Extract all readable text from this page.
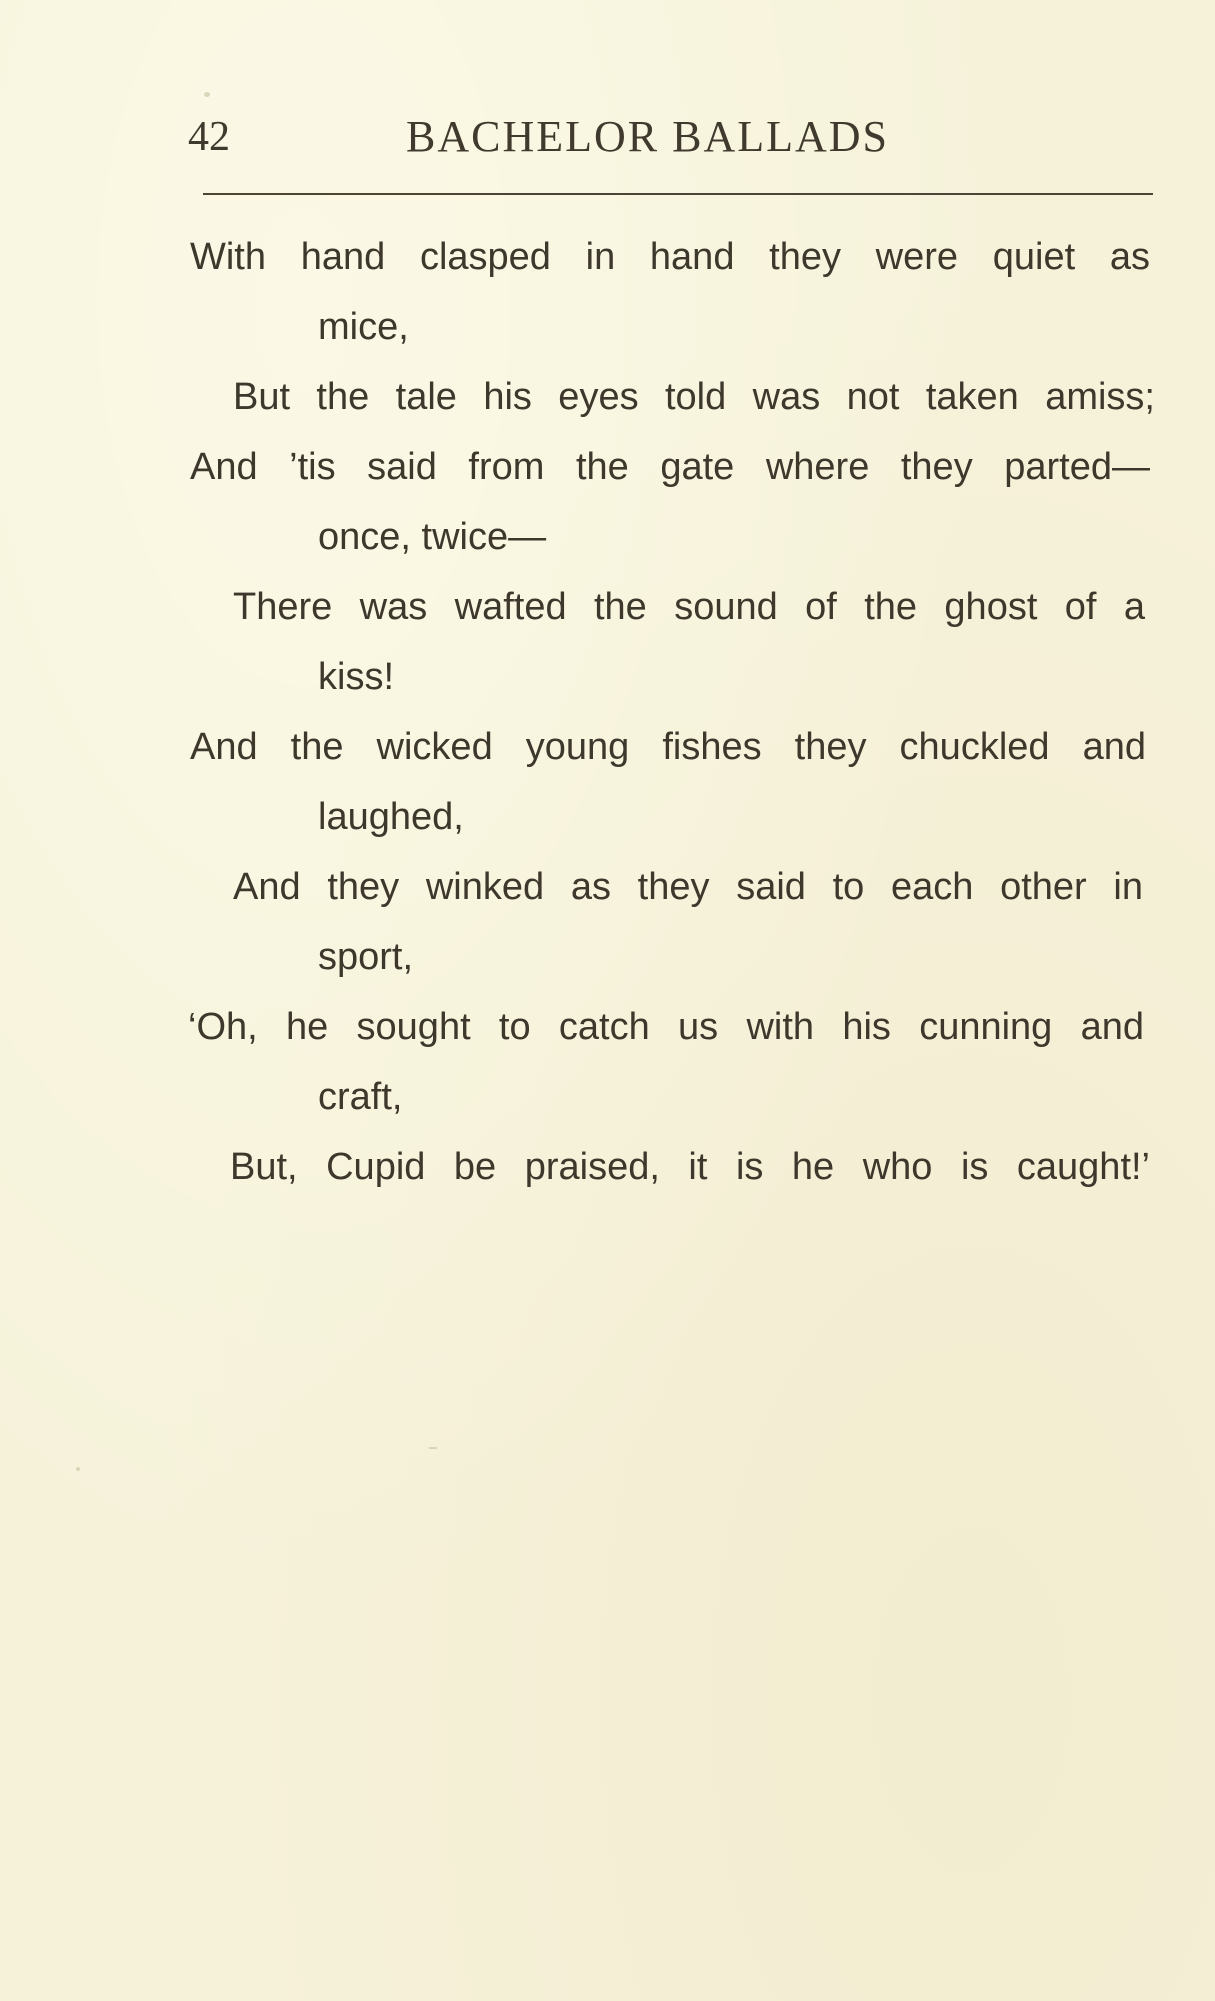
42	BACHELOR BALLADS
With hand clasped in hand they were quiet as
mice,
But the tale his eyes told was not taken amiss;
And ’tis said from the gate where they parted—
once, twice—
There was wafted the sound of the ghost of a
kiss!
And the wicked young fishes they chuckled and
laughed,
And they winked as they said to each other in
sport,
‘Oh, he sought to catch us with his cunning and
craft,
But, Cupid be praised, it is he who is caught!’
